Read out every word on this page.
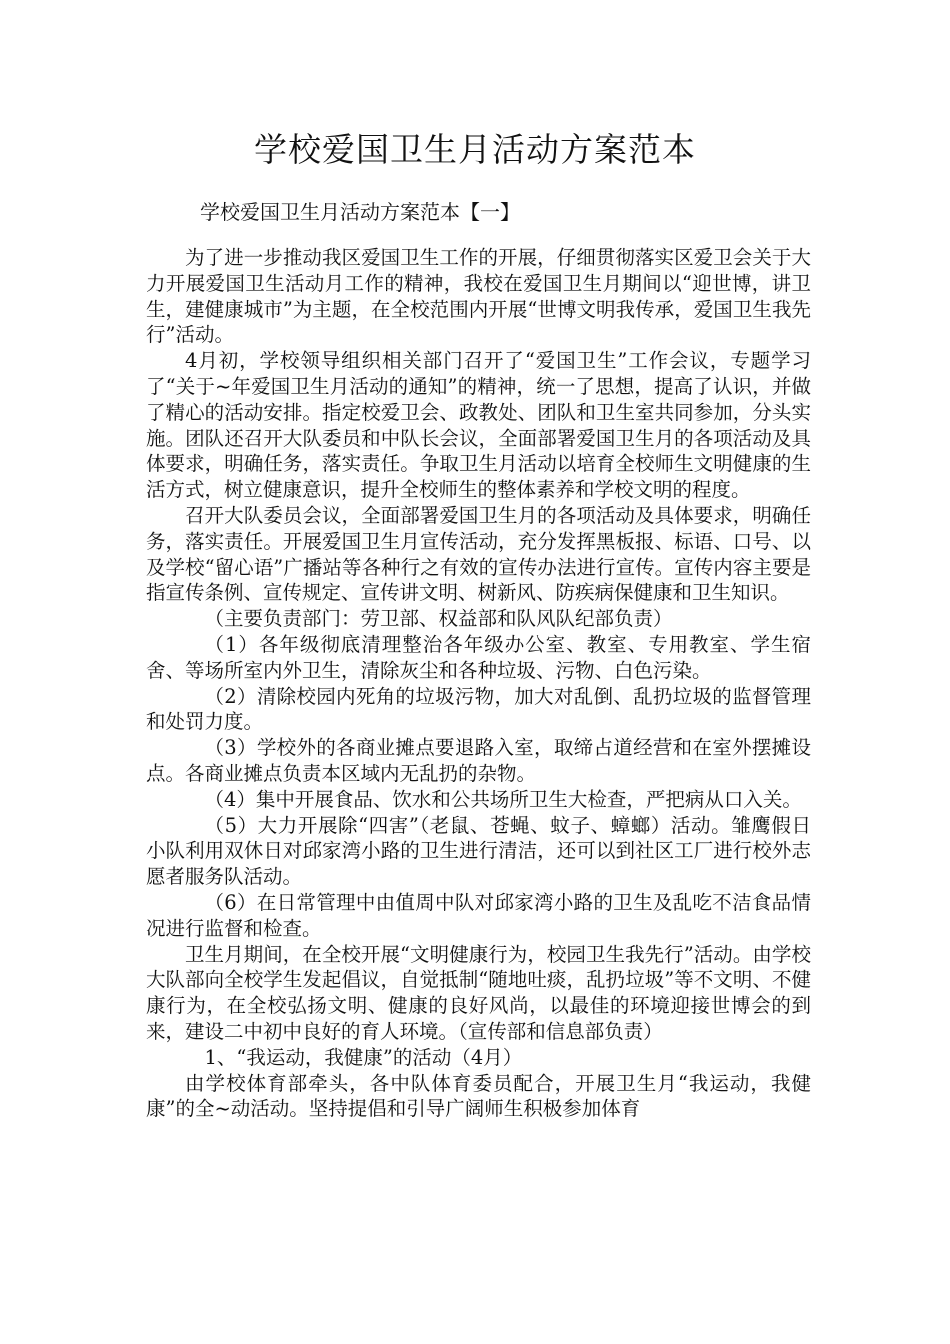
学校爱国卫生月活动方案范本
学校爱国卫生月活动方案范本【一】

为了进一步推动我区爱国卫生工作的开展，仔细贯彻落实区爱卫会关于大力开展爱国卫生活动月工作的精神，我校在爱国卫生月期间以“迎世博，讲卫生，建健康城市”为主题，在全校范围内开展“世博文明我传承，爱国卫生我先行”活动。

4月初，学校领导组织相关部门召开了“爱国卫生”工作会议，专题学习了“关于~年爱国卫生月活动的通知”的精神，统一了思想，提高了认识，并做了精心的活动安排。指定校爱卫会、政教处、团队和卫生室共同参加，分头实施。团队还召开大队委员和中队长会议，全面部署爱国卫生月的各项活动及具体要求，明确任务，落实责任。争取卫生月活动以培育全校师生文明健康的生活方式，树立健康意识，提升全校师生的整体素养和学校文明的程度。

召开大队委员会议，全面部署爱国卫生月的各项活动及具体要求，明确任务，落实责任。开展爱国卫生月宣传活动，充分发挥黑板报、标语、口号、以及学校“留心语”广播站等各种行之有效的宣传办法进行宣传。宣传内容主要是指宣传条例、宣传规定、宣传讲文明、树新风、防疾病保健康和卫生知识。

（主要负责部门：劳卫部、权益部和队风队纪部负责）

（1）各年级彻底清理整治各年级办公室、教室、专用教室、学生宿舍、等场所室内外卫生，清除灰尘和各种垃圾、污物、白色污染。

（2）清除校园内死角的垃圾污物，加大对乱倒、乱扔垃圾的监督管理和处罚力度。

（3）学校外的各商业摊点要退路入室，取缔占道经营和在室外摆摊设点。各商业摊点负责本区域内无乱扔的杂物。

（4）集中开展食品、饮水和公共场所卫生大检查，严把病从口入关。

（5）大力开展除“四害”（老鼠、苍蝇、蚊子、蟑螂）活动。雏鹰假日小队利用双休日对邱家湾小路的卫生进行清洁，还可以到社区工厂进行校外志愿者服务队活动。

（6）在日常管理中由值周中队对邱家湾小路的卫生及乱吃不洁食品情况进行监督和检查。

卫生月期间，在全校开展“文明健康行为，校园卫生我先行”活动。由学校大队部向全校学生发起倡议，自觉抵制“随地吐痰，乱扔垃圾”等不文明、不健康行为，在全校弘扬文明、健康的良好风尚，以最佳的环境迎接世博会的到来，建设二中初中良好的育人环境。（宣传部和信息部负责）

1、“我运动，我健康”的活动（4月）

由学校体育部牵头，各中队体育委员配合，开展卫生月“我运动，我健康”的全~动活动。坚持提倡和引导广阔师生积极参加体育
